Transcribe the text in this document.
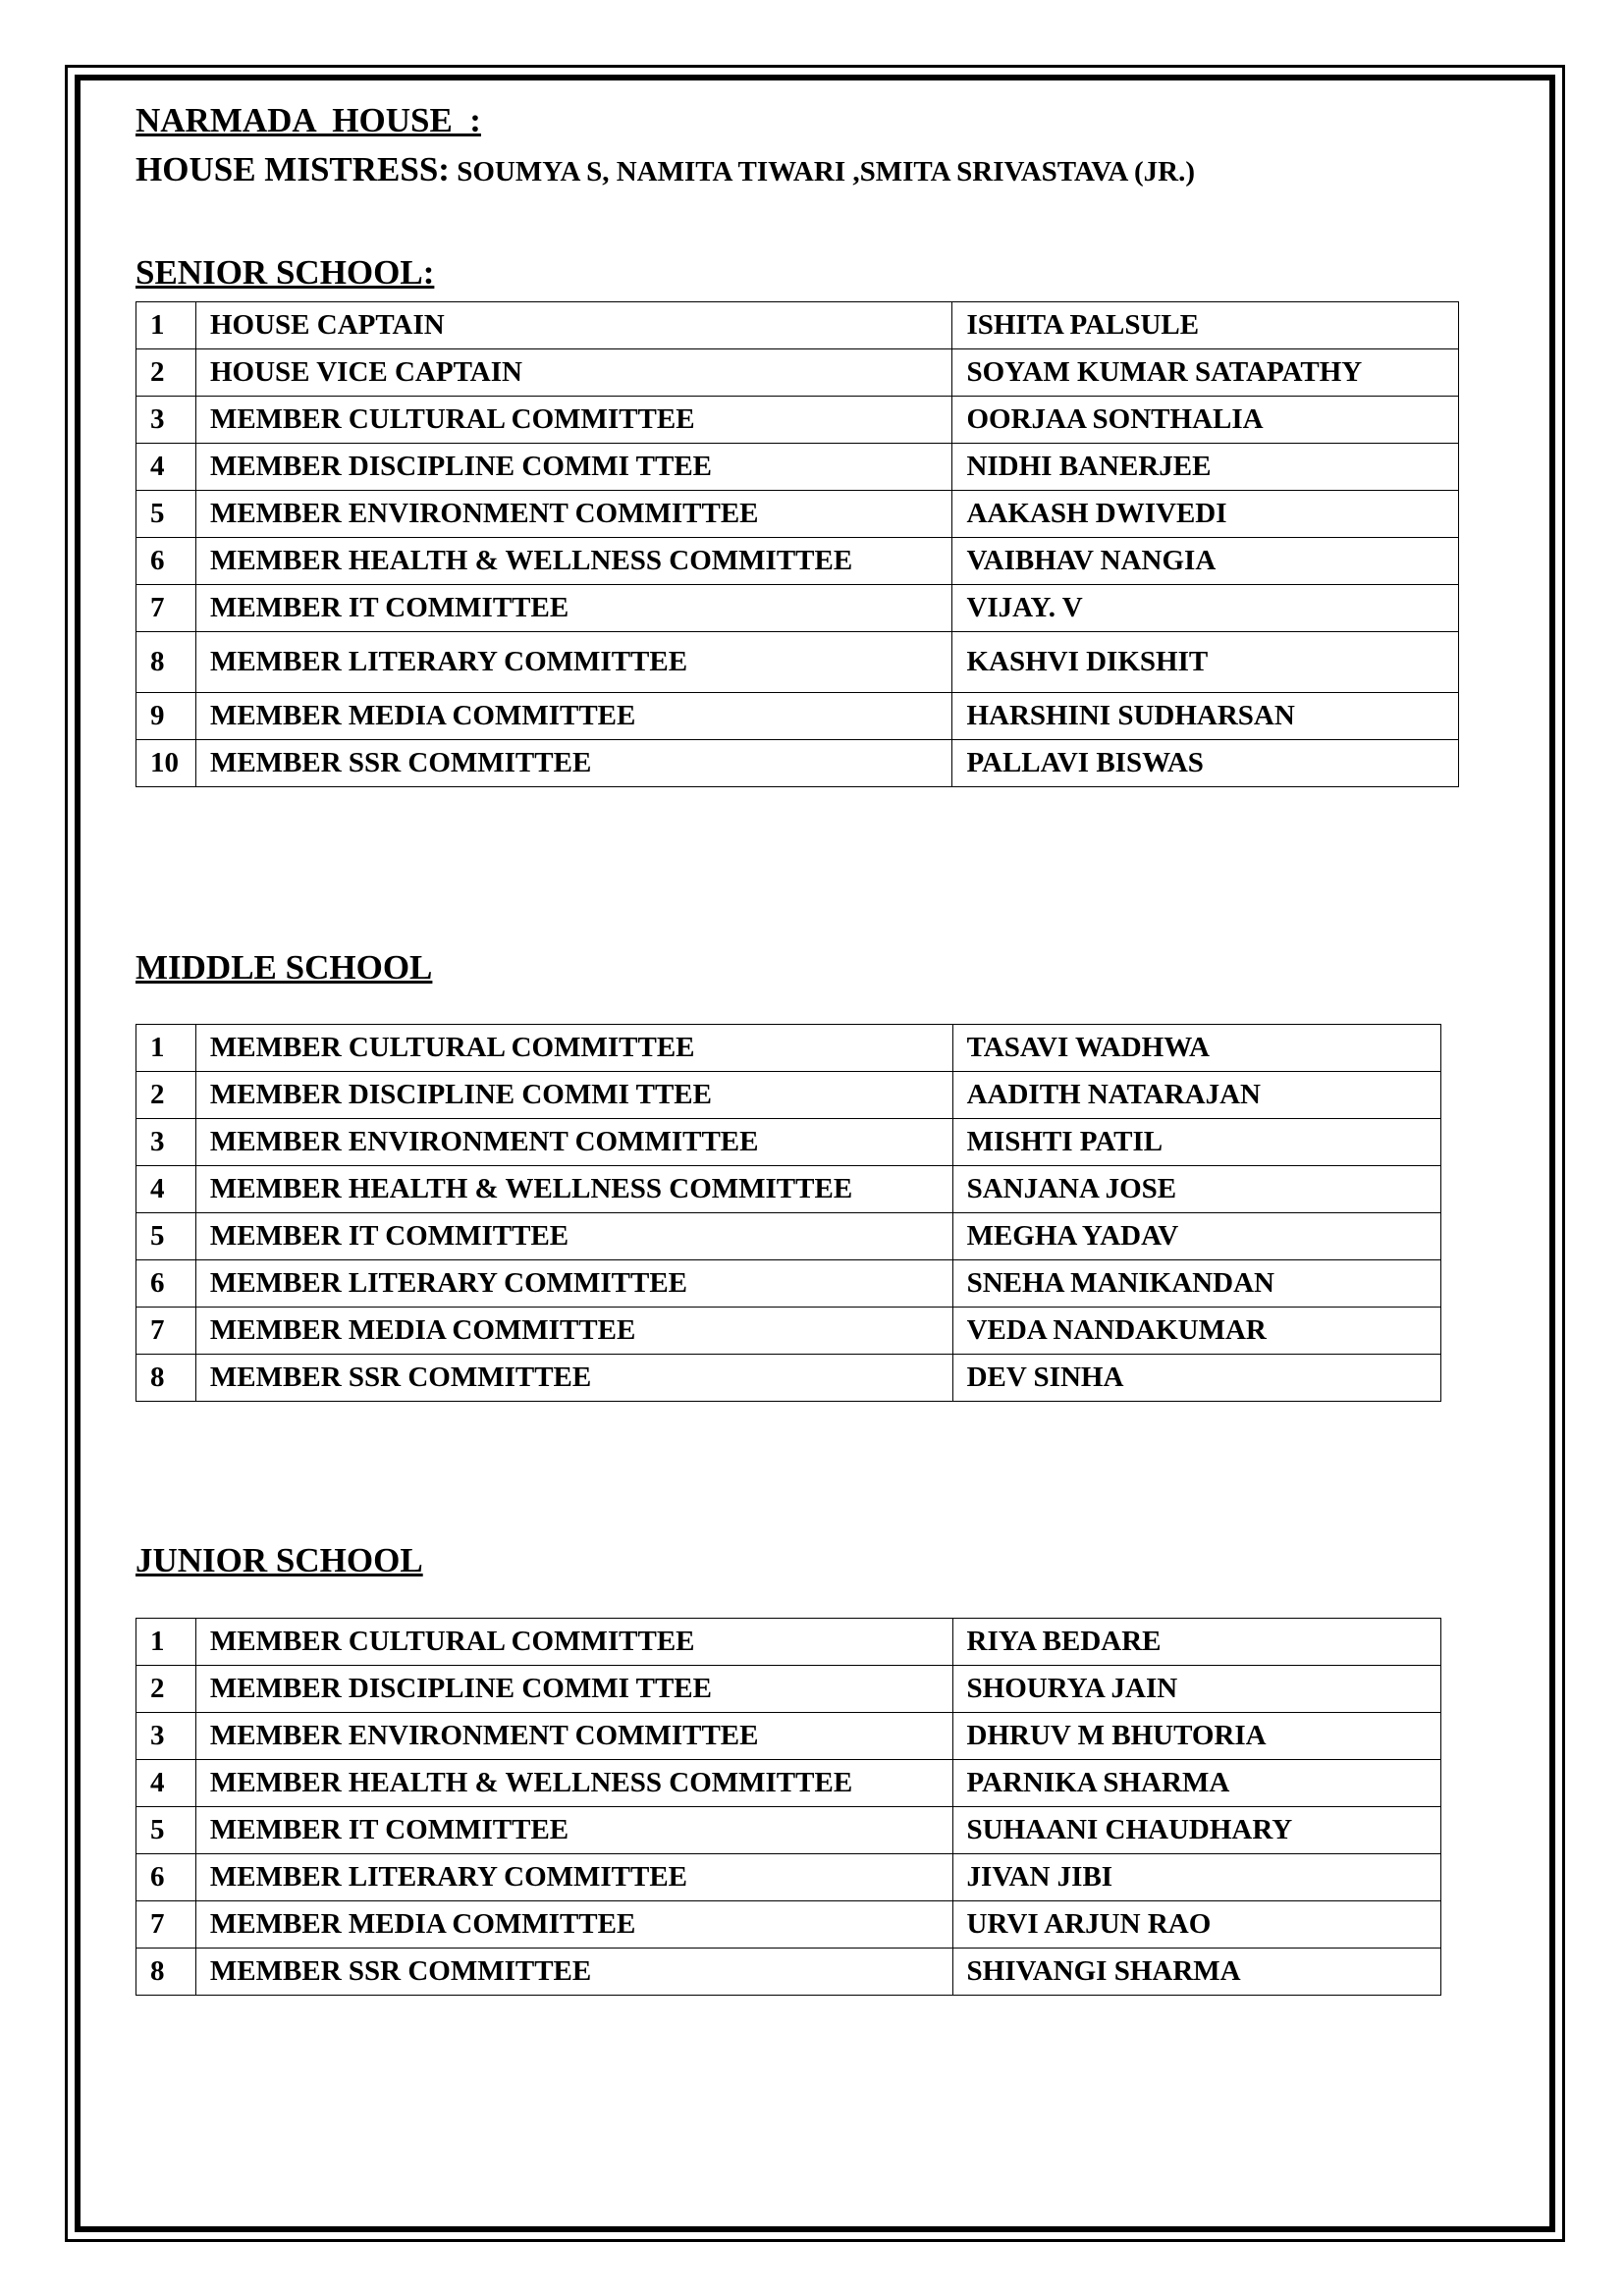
NARMADA  HOUSE  :

HOUSE MISTRESS: SOUMYA S, NAMITA TIWARI ,SMITA SRIVASTAVA (JR.)

SENIOR SCHOOL:
1	HOUSE CAPTAIN	ISHITA PALSULE
2	HOUSE VICE CAPTAIN	SOYAM KUMAR SATAPATHY
3	MEMBER CULTURAL COMMITTEE	OORJAA SONTHALIA
4	MEMBER DISCIPLINE COMMI TTEE	NIDHI BANERJEE
5	MEMBER ENVIRONMENT COMMITTEE	AAKASH DWIVEDI
6	MEMBER HEALTH & WELLNESS COMMITTEE	VAIBHAV NANGIA
7	MEMBER IT COMMITTEE	VIJAY. V
8	MEMBER LITERARY COMMITTEE	KASHVI DIKSHIT
9	MEMBER MEDIA COMMITTEE	HARSHINI SUDHARSAN
10	MEMBER SSR COMMITTEE	PALLAVI BISWAS
MIDDLE SCHOOL
1	MEMBER CULTURAL COMMITTEE	TASAVI WADHWA
2	MEMBER DISCIPLINE COMMI TTEE	AADITH NATARAJAN
3	MEMBER ENVIRONMENT COMMITTEE	MISHTI PATIL
4	MEMBER HEALTH & WELLNESS COMMITTEE	SANJANA JOSE
5	MEMBER IT COMMITTEE	MEGHA YADAV
6	MEMBER LITERARY COMMITTEE	SNEHA MANIKANDAN
7	MEMBER MEDIA COMMITTEE	VEDA NANDAKUMAR
8	MEMBER SSR COMMITTEE	DEV SINHA
JUNIOR SCHOOL
1	MEMBER CULTURAL COMMITTEE	RIYA BEDARE
2	MEMBER DISCIPLINE COMMI TTEE	SHOURYA JAIN
3	MEMBER ENVIRONMENT COMMITTEE	DHRUV M BHUTORIA
4	MEMBER HEALTH & WELLNESS COMMITTEE	PARNIKA SHARMA
5	MEMBER IT COMMITTEE	SUHAANI CHAUDHARY
6	MEMBER LITERARY COMMITTEE	JIVAN JIBI
7	MEMBER MEDIA COMMITTEE	URVI ARJUN RAO
8	MEMBER SSR COMMITTEE	SHIVANGI SHARMA
